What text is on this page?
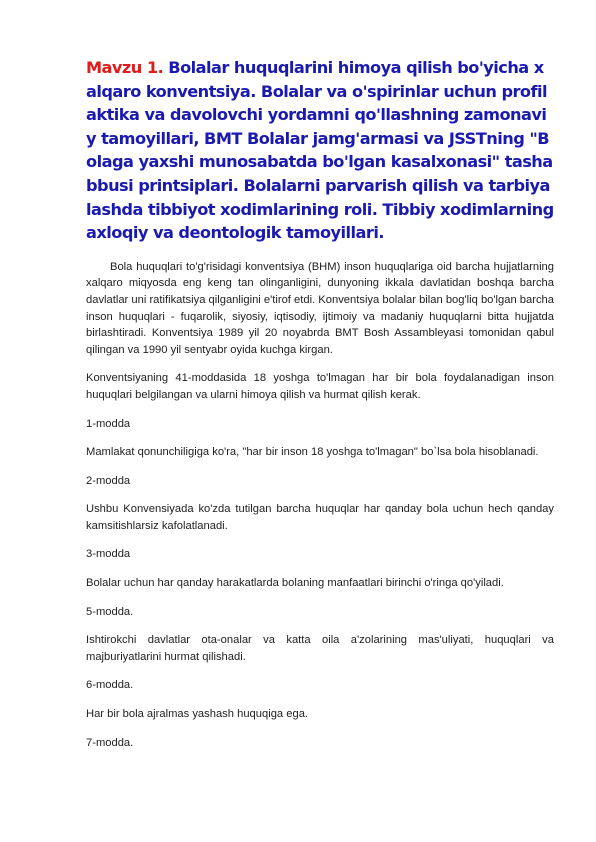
Mavzu 1. Bolalar huquqlarini himoya qilish bo'yicha xalqaro konventsiya. Bolalar va o'spirinlar uchun profilaktika va davolovchi yordamni qo'llashning zamonaviy tamoyillari, BMT Bolalar jamg'armasi va JSSTning "Bolaga yaxshi munosabatda bo'lgan kasalxonasi" tashabbusi printsiplari. Bolalarni parvarish qilish va tarbiyalashda tibbiyot xodimlarining roli. Tibbiy xodimlarning axloqiy va deontologik tamoyillari.

Bola huquqlari to'g'risidagi konventsiya (BHM) inson huquqlariga oid barcha hujjatlarning xalqaro miqyosda eng keng tan olinganligini, dunyoning ikkala davlatidan boshqa barcha davlatlar uni ratifikatsiya qilganligini e'tirof etdi. Konventsiya bolalar bilan bog'liq bo'lgan barcha inson huquqlari - fuqarolik, siyosiy, iqtisodiy, ijtimoiy va madaniy huquqlarni bitta hujjatda birlashtiradi. Konventsiya 1989 yil 20 noyabrda BMT Bosh Assambleyasi tomonidan qabul qilingan va 1990 yil sentyabr oyida kuchga kirgan.

Konventsiyaning 41-moddasida 18 yoshga to'lmagan har bir bola foydalanadigan inson huquqlari belgilangan va ularni himoya qilish va hurmat qilish kerak.

1-modda

Mamlakat qonunchiligiga ko'ra, "har bir inson 18 yoshga to'lmagan" bo`lsa bola hisoblanadi.

2-modda

Ushbu Konvensiyada ko'zda tutilgan barcha huquqlar har qanday bola uchun hech qanday kamsitishlarsiz kafolatlanadi.

3-modda

Bolalar uchun har qanday harakatlarda bolaning manfaatlari birinchi o'ringa qo'yiladi.

5-modda.

Ishtirokchi davlatlar ota-onalar va katta oila a'zolarining mas'uliyati, huquqlari va majburiyatlarini hurmat qilishadi.

6-modda.

Har bir bola ajralmas yashash huquqiga ega.

7-modda.
